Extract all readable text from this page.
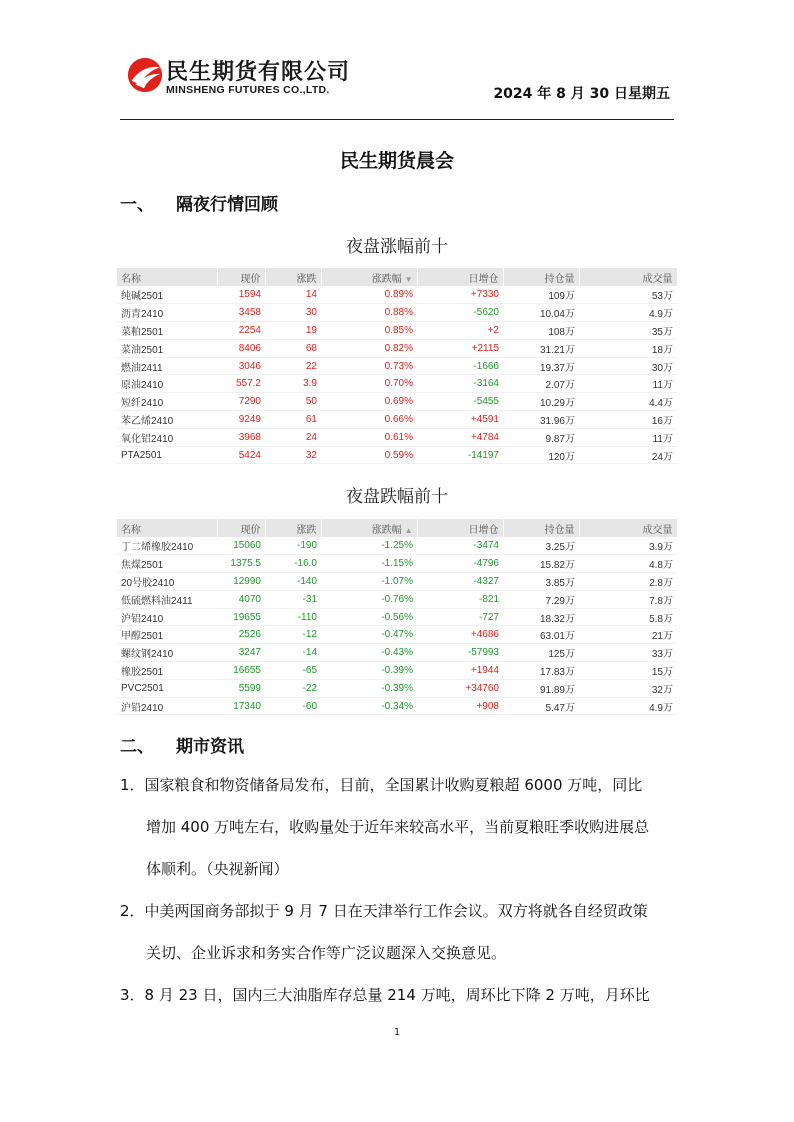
民生期货有限公司
MINSHENG FUTURES CO.,LTD.	2024 年 8 月 30 日星期五
民生期货晨会
一、 隔夜行情回顾
夜盘涨幅前十
名称	现价	涨跌	涨跌幅 ▼	日增仓	持仓量	成交量
纯碱2501	1594	14	0.89%	+7330	109万	53万
沥青2410	3458	30	0.88%	-5620	10.04万	4.9万
菜粕2501	2254	19	0.85%	+2	108万	35万
菜油2501	8406	68	0.82%	+2115	31.21万	18万
燃油2411	3046	22	0.73%	-1666	19.37万	30万
原油2410	557.2	3.9	0.70%	-3164	2.07万	11万
短纤2410	7290	50	0.69%	-5455	10.29万	4.4万
苯乙烯2410	9249	61	0.66%	+4591	31.96万	16万
氧化铝2410	3968	24	0.61%	+4784	9.87万	11万
PTA2501	5424	32	0.59%	-14197	120万	24万
夜盘跌幅前十
名称	现价	涨跌	涨跌幅 ▲	日增仓	持仓量	成交量
丁二烯橡胶2410	15060	-190	-1.25%	-3474	3.25万	3.9万
焦煤2501	1375.5	-16.0	-1.15%	-4796	15.82万	4.8万
20号胶2410	12990	-140	-1.07%	-4327	3.85万	2.8万
低硫燃料油2411	4070	-31	-0.76%	-821	7.29万	7.8万
沪铝2410	19655	-110	-0.56%	-727	18.32万	5.8万
甲醇2501	2526	-12	-0.47%	+4686	63.01万	21万
螺纹钢2410	3247	-14	-0.43%	-57993	125万	33万
橡胶2501	16655	-65	-0.39%	+1944	17.83万	15万
PVC2501	5599	-22	-0.39%	+34760	91.89万	32万
沪铅2410	17340	-60	-0.34%	+908	5.47万	4.9万
二、 期市资讯
1．国家粮食和物资储备局发布，目前，全国累计收购夏粮超 6000 万吨，同比
增加 400 万吨左右，收购量处于近年来较高水平，当前夏粮旺季收购进展总
体顺利。（央视新闻）
2．中美两国商务部拟于 9 月 7 日在天津举行工作会议。双方将就各自经贸政策
关切、企业诉求和务实合作等广泛议题深入交换意见。
3．8 月 23 日，国内三大油脂库存总量 214 万吨，周环比下降 2 万吨，月环比
1
